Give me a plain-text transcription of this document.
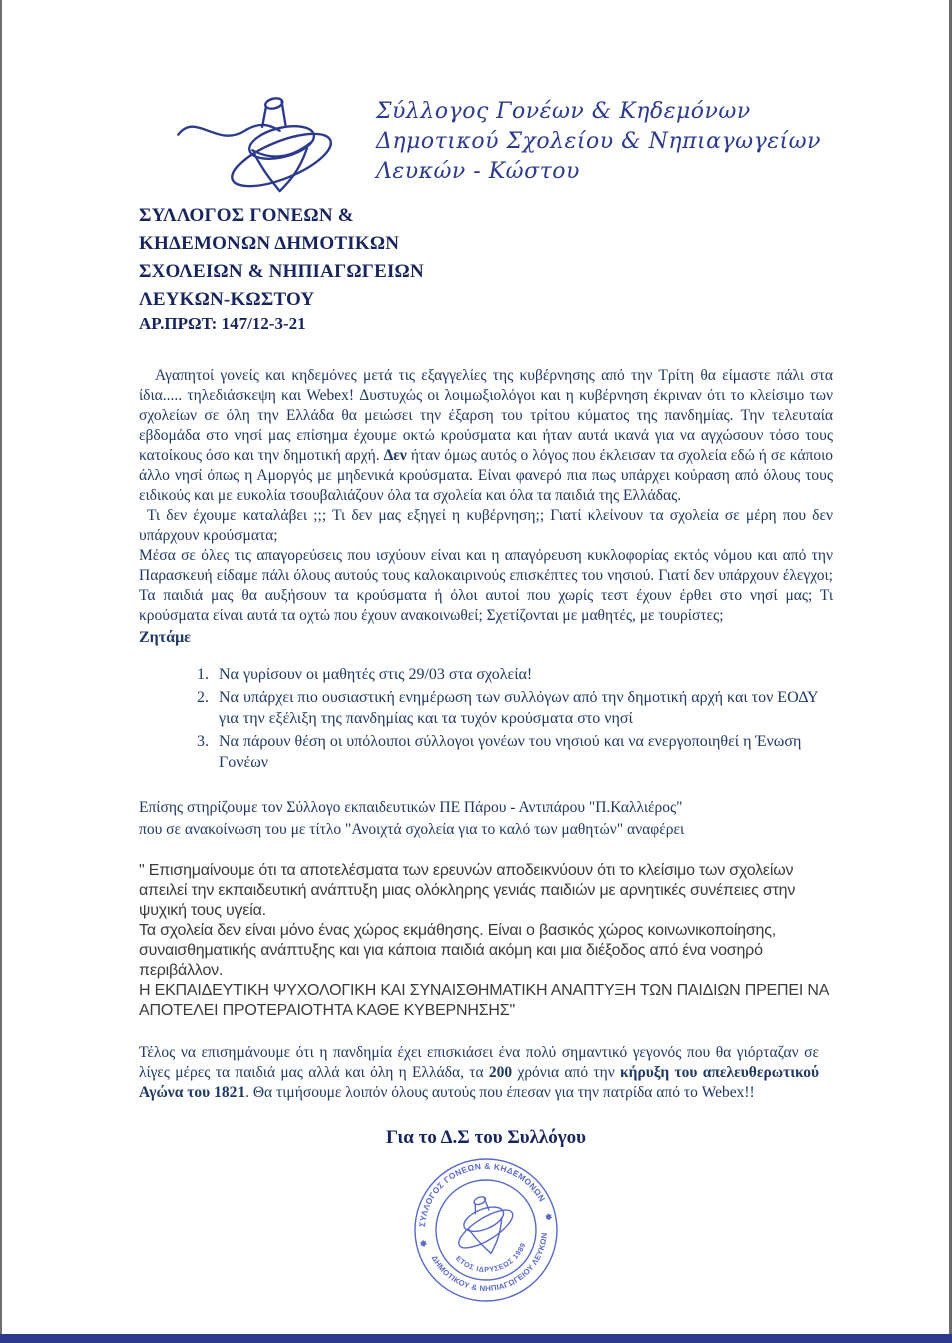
Σύλλογος Γονέων & Κηδεμόνων
Δημοτικού Σχολείου & Νηπιαγωγείων
Λευκών - Κώστου
ΣΥΛΛΟΓΟΣ ΓΟΝΕΩΝ &
ΚΗΔΕΜΟΝΩΝ ΔΗΜΟΤΙΚΩΝ
ΣΧΟΛΕΙΩΝ & ΝΗΠΙΑΓΩΓΕΙΩΝ
ΛΕΥΚΩΝ-ΚΩΣΤΟΥ
ΑΡ.ΠΡΩΤ: 147/12-3-21

Αγαπητοί γονείς και κηδεμόνες μετά τις εξαγγελίες της κυβέρνησης από την Τρίτη θα είμαστε πάλι στα ίδια..... τηλεδιάσκεψη και Webex! Δυστυχώς οι λοιμωξιολόγοι και η κυβέρνηση έκριναν ότι το κλείσιμο των σχολείων σε όλη την Ελλάδα θα μειώσει την έξαρση του τρίτου κύματος της πανδημίας. Την τελευταία εβδομάδα στο νησί μας επίσημα έχουμε οκτώ κρούσματα και ήταν αυτά ικανά για να αγχώσουν τόσο τους κατοίκους όσο και την δημοτική αρχή. Δεν ήταν όμως αυτός ο λόγος που έκλεισαν τα σχολεία εδώ ή σε κάποιο άλλο νησί όπως η Αμοργός με μηδενικά κρούσματα. Είναι φανερό πια πως υπάρχει κούραση από όλους τους ειδικούς και με ευκολία τσουβαλιάζουν όλα τα σχολεία και όλα τα παιδιά της Ελλάδας.

Τι δεν έχουμε καταλάβει ;;; Τι δεν μας εξηγεί η κυβέρνηση;; Γιατί κλείνουν τα σχολεία σε μέρη που δεν υπάρχουν κρούσματα;

Μέσα σε όλες τις απαγορεύσεις που ισχύουν είναι και η απαγόρευση κυκλοφορίας εκτός νόμου και από την Παρασκευή είδαμε πάλι όλους αυτούς τους καλοκαιρινούς επισκέπτες του νησιού. Γιατί δεν υπάρχουν έλεγχοι; Τα παιδιά μας θα αυξήσουν τα κρούσματα ή όλοι αυτοί που χωρίς τεστ έχουν έρθει στο νησί μας; Τι κρούσματα είναι αυτά τα οχτώ που έχουν ανακοινωθεί; Σχετίζονται με μαθητές, με τουρίστες;

Ζητάμε

1. Να γυρίσουν οι μαθητές στις 29/03 στα σχολεία!
2. Να υπάρχει πιο ουσιαστική ενημέρωση των συλλόγων από την δημοτική αρχή και τον ΕΟΔΥ για την εξέλιξη της πανδημίας και τα τυχόν κρούσματα στο νησί
3. Να πάρουν θέση οι υπόλοιποι σύλλογοι γονέων του νησιού και να ενεργοποιηθεί η Ένωση Γονέων

Επίσης στηρίζουμε τον Σύλλογο εκπαιδευτικών ΠΕ Πάρου - Αντιπάρου "Π.Καλλιέρος"
που σε ανακοίνωση του με τίτλο "Ανοιχτά σχολεία για το καλό των μαθητών" αναφέρει

" Επισημαίνουμε ότι τα αποτελέσματα των ερευνών αποδεικνύουν ότι το κλείσιμο των σχολείων απειλεί την εκπαιδευτική ανάπτυξη μιας ολόκληρης γενιάς παιδιών με αρνητικές συνέπειες στην ψυχική τους υγεία.

Τα σχολεία δεν είναι μόνο ένας χώρος εκμάθησης. Είναι ο βασικός χώρος κοινωνικοποίησης, συναισθηματικής ανάπτυξης και για κάποια παιδιά ακόμη και μια διέξοδος από ένα νοσηρό περιβάλλον.

Η ΕΚΠΑΙΔΕΥΤΙΚΗ ΨΥΧΟΛΟΓΙΚΗ ΚΑΙ ΣΥΝΑΙΣΘΗΜΑΤΙΚΗ ΑΝΑΠΤΥΞΗ ΤΩΝ ΠΑΙΔΙΩΝ ΠΡΕΠΕΙ ΝΑ ΑΠΟΤΕΛΕΙ ΠΡΟΤΕΡΑΙΟΤΗΤΑ ΚΑΘΕ ΚΥΒΕΡΝΗΣΗΣ"

Τέλος να επισημάνουμε ότι η πανδημία έχει επισκιάσει ένα πολύ σημαντικό γεγονός που θα γιόρταζαν σε λίγες μέρες τα παιδιά μας αλλά και όλη η Ελλάδα, τα 200 χρόνια από την κήρυξη του απελευθερωτικού Αγώνα του 1821. Θα τιμήσουμε λοιπόν όλους αυτούς που έπεσαν για την πατρίδα από το Webex!!

Για το Δ.Σ του Συλλόγου

ΣΥΛΛΟΓΟΣ ΓΟΝΕΩΝ & ΚΗΔΕΜΟΝΩΝ
ΔΗΜΟΤΙΚΟΥ & ΝΗΠΙΑΓΩΓΕΙΟΥ ΛΕΥΚΩΝ
ΕΤΟΣ ΙΔΡΥΣΕΩΣ 1989
✽
✽
